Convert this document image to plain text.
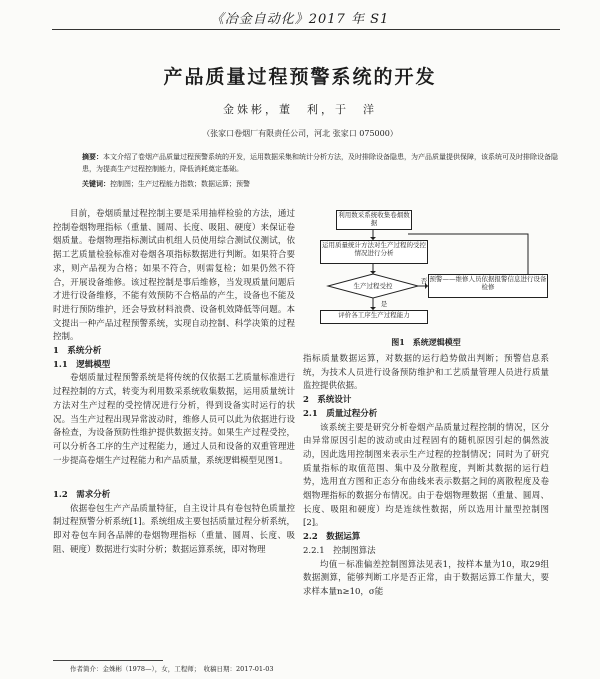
《冶金自动化》2017 年 S1
产品质量过程预警系统的开发
金姝彬，董　利，于　洋
（张家口卷烟厂有限责任公司，河北 张家口 075000）
摘要：本文介绍了卷烟产品质量过程预警系统的开发，运用数据采集和统计分析方法，及时排除设备隐患，为产品质量提供保障，该系统可及时排除设备隐患，为提高生产过程控制能力，降低消耗奠定基础。
关键词：控制图；生产过程能力指数；数据运算；预警

目前，卷烟质量过程控制主要是采用抽样检验的方法，通过控制卷烟物理指标（重量、圆周、长度、吸阻、硬度）来保证卷烟质量。卷烟物理指标测试由机组人员使用综合测试仪测试，依据工艺质量检验标准对卷烟各项指标数据进行判断。如果符合要求，则产品视为合格；如果不符合，则需复检；如果仍然不符合，开展设备维修。该过程控制是事后维修，当发现质量问题后才进行设备维修，不能有效预防不合格品的产生，设备也不能及时进行预防维护，还会导致材料浪费、设备机效降低等问题。本文提出一种产品过程预警系统，实现自动控制、科学决策的过程控制。

1　系统分析

1.1　逻辑模型

卷烟质量过程预警系统是将传统的仅依据工艺质量标准进行过程控制的方式，转变为利用数采系统收集数据，运用质量统计方法对生产过程的受控情况进行分析，得到设备实时运行的状况。当生产过程出现异常波动时，维修人员可以此为依据进行设备检查，为设备预防性维护提供数据支持。如果生产过程受控，可以分析各工序的生产过程能力，通过人员和设备的双重管理进一步提高卷烟生产过程能力和产品质量，系统逻辑模型见图1。

1.2　需求分析

依据卷包生产产品质量特征，自主设计具有卷包特色质量控制过程预警分析系统[1]。系统组成主要包括质量过程分析系统，即对卷包车间各品牌的卷烟物理指标（重量、圆周、长度、吸阻、硬度）数据进行实时分析；数据运算系统，即对物理

利用数采系统收集卷烟数据
运用质量统计方法对生产过程的受控情况进行分析
生产过程受控
预警——维修人员依据报警信息进行设备检修
评价各工序生产过程能力
是
否
图1　系统逻辑模型

指标质量数据运算，对数据的运行趋势做出判断；预警信息系统，为技术人员进行设备预防维护和工艺质量管理人员进行质量监控提供依据。

2　系统设计

2.1　质量过程分析

该系统主要是研究分析卷烟产品质量过程控制的情况，区分由异常原因引起的波动或由过程固有的随机原因引起的偶然波动，因此选用控制图来表示生产过程的控制情况；同时为了研究质量指标的取值范围、集中及分散程度，判断其数据的运行趋势，选用直方图和正态分布曲线来表示数据之间的离散程度及卷烟物理指标的数据分布情况。由于卷烟物理数据（重量、圆周、长度、吸阻和硬度）均是连续性数据，所以选用计量型控制图[2]。

2.2　数据运算

2.2.1　控制图算法

均值－标准偏差控制图算法见表1，按样本量为10，取29组数据测算，能够判断工序是否正常，由于数据运算工作量大，要求样本量n≥10，σ能

作者简介：金姝彬（1978—），女，工程师；　收稿日期：2017-01-03
